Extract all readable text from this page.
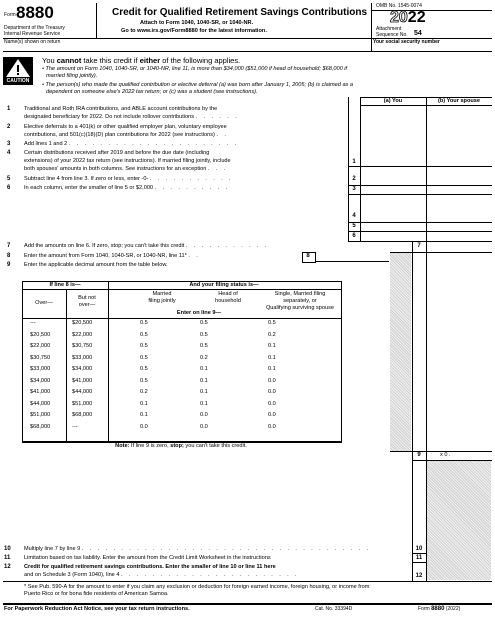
Form 8880
Department of the Treasury
Internal Revenue Service
Credit for Qualified Retirement Savings Contributions
Attach to Form 1040, 1040-SR, or 1040-NR.
Go to www.irs.gov/Form8880 for the latest information.
OMB No. 1545-0074
2022
Attachment
Sequence No. 54
Name(s) shown on return	Your social security number
CAUTION
You cannot take this credit if either of the following applies.
• The amount on Form 1040, 1040-SR, or 1040-NR, line 11, is more than $34,000 ($51,000 if head of household; $68,000 if
married filing jointly).
• The person(s) who made the qualified contribution or elective deferral (a) was born after January 1, 2005; (b) is claimed as a
dependent on someone else's 2022 tax return; or (c) was a student (see instructions).
(a) You	(b) Your spouse
1 Traditional and Roth IRA contributions, and ABLE account contributions by the
designated beneficiary for 2022. Do not include rollover contributions . . . . . .
1
2 Elective deferrals to a 401(k) or other qualified employer plan, voluntary employee
contributions, and 501(c)(18)(D) plan contributions for 2022 (see instructions) . .
2
3 Add lines 1 and 2 . . . . . . . . . . . . . . . . . . . . . .
3
4 Certain distributions received after 2019 and before the due date (including
extensions) of your 2022 tax return (see instructions). If married filing jointly, include
both spouses' amounts in both columns. See instructions for an exception . . .
4
5 Subtract line 4 from line 3. If zero or less, enter -0- . . . . . . . . . . .
5
6 In each column, enter the smaller of line 5 or $2,000 . . . . . . . . . .
6
7 Add the amounts on line 6. If zero, stop; you can't take this credit . . . . . . . . . . .	7
8 Enter the amount from Form 1040, 1040-SR, or 1040-NR, line 11* . .	8
9 Enter the applicable decimal amount from the table below.
If line 8 is—	And your filing status is—
Over—
But not
over—
Married
filing jointly
Head of
household
Single, Married filing
separately, or
Qualifying surviving spouse
Enter on line 9—
---	$20,500	0.5	0.5	0.5
$20,500	$22,000	0.5	0.5	0.2
$22,000	$30,750	0.5	0.5	0.1
$30,750	$33,000	0.5	0.2	0.1
$33,000	$34,000	0.5	0.1	0.1
$34,000	$41,000	0.5	0.1	0.0
$41,000	$44,000	0.2	0.1	0.0
$44,000	$51,000	0.1	0.1	0.0
$51,000	$68,000	0.1	0.0	0.0
$68,000	---	0.0	0.0	0.0
Note: If line 9 is zero, stop; you can't take this credit.
9	x 0 .
10 Multiply line 7 by line 9 . . . . . . . . . . . . . . . . . . . . . . . . . . . . . . . . . . . . .	10
11 Limitation based on tax liability. Enter the amount from the Credit Limit Worksheet in the instructions	11
12 Credit for qualified retirement savings contributions. Enter the smaller of line 10 or line 11 here
and on Schedule 3 (Form 1040), line 4 . . . . . . . . . . . . . . . . . . . . . . .	12
* See Pub. 590-A for the amount to enter if you claim any exclusion or deduction for foreign earned income, foreign housing, or income from
Puerto Rico or for bona fide residents of American Samoa.
For Paperwork Reduction Act Notice, see your tax return instructions.	Cat. No. 33394D	Form 8880 (2022)
